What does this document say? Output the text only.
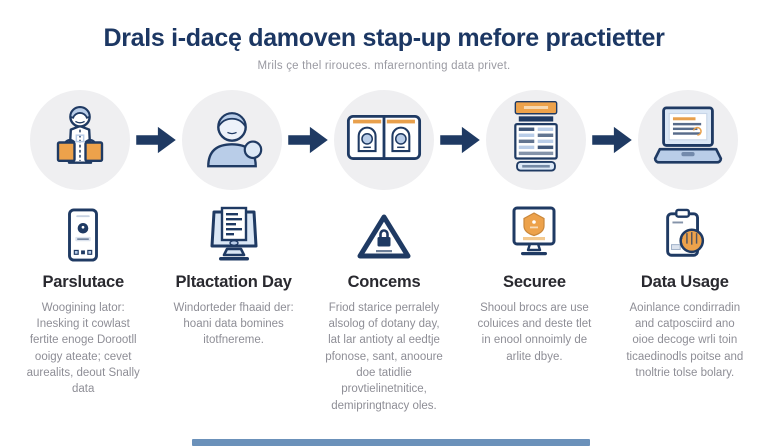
Drals i-dacę damoven stap-up mefore practietter
Mrils çe thel rirouces. mfarernonting data privet.
Parslutace
Woogining lator: Inesking it cowlast fertite enoge Dorootll ooigy ateate; cevet aurealits, deout Snally data
Pltactation Day
Windorteder fhaaid der: hoani data bomines itotfnereme.
Concems
Friod starice perralely alsolog of dotany day, lat lar antioty al eedtje pfonose, sant, anooure doe tatidlie provtielinetnitice, demipringtnacy oles.
Securee
Shooul brocs are use coluices and deste tlet in enool onnoimly de arlite dbye.
Data Usage
Aoinlance condirradin and catposciird ano oioe decoge wrli toin ticaedinodls poitse and tnoltrie tolse bolary.
